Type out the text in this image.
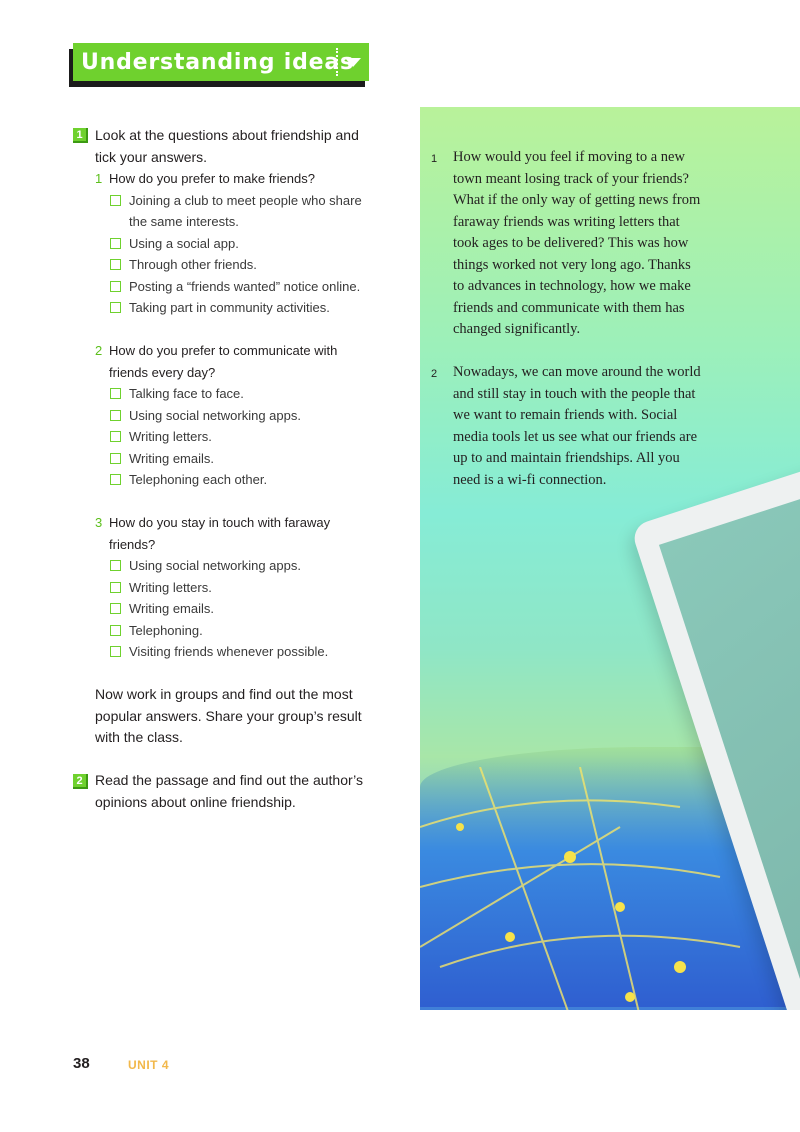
Understanding ideas
1 Look at the questions about friendship and
tick your answers.
1 How do you prefer to make friends?
Joining a club to meet people who share
the same interests.
Using a social app.
Through other friends.
Posting a “friends wanted” notice online.
Taking part in community activities.
2 How do you prefer to communicate with
friends every day?
Talking face to face.
Using social networking apps.
Writing letters.
Writing emails.
Telephoning each other.
3 How do you stay in touch with faraway
friends?
Using social networking apps.
Writing letters.
Writing emails.
Telephoning.
Visiting friends whenever possible.
Now work in groups and find out the most
popular answers. Share your group’s result
with the class.
2 Read the passage and find out the author’s
opinions about online friendship.
1 How would you feel if moving to a new
town meant losing track of your friends?
What if the only way of getting news from
faraway friends was writing letters that
took ages to be delivered? This was how
things worked not very long ago. Thanks
to advances in technology, how we make
friends and communicate with them has
changed significantly.
2 Nowadays, we can move around the world
and still stay in touch with the people that
we want to remain friends with. Social
media tools let us see what our friends are
up to and maintain friendships. All you
need is a wi-fi connection.
38	UNIT 4
